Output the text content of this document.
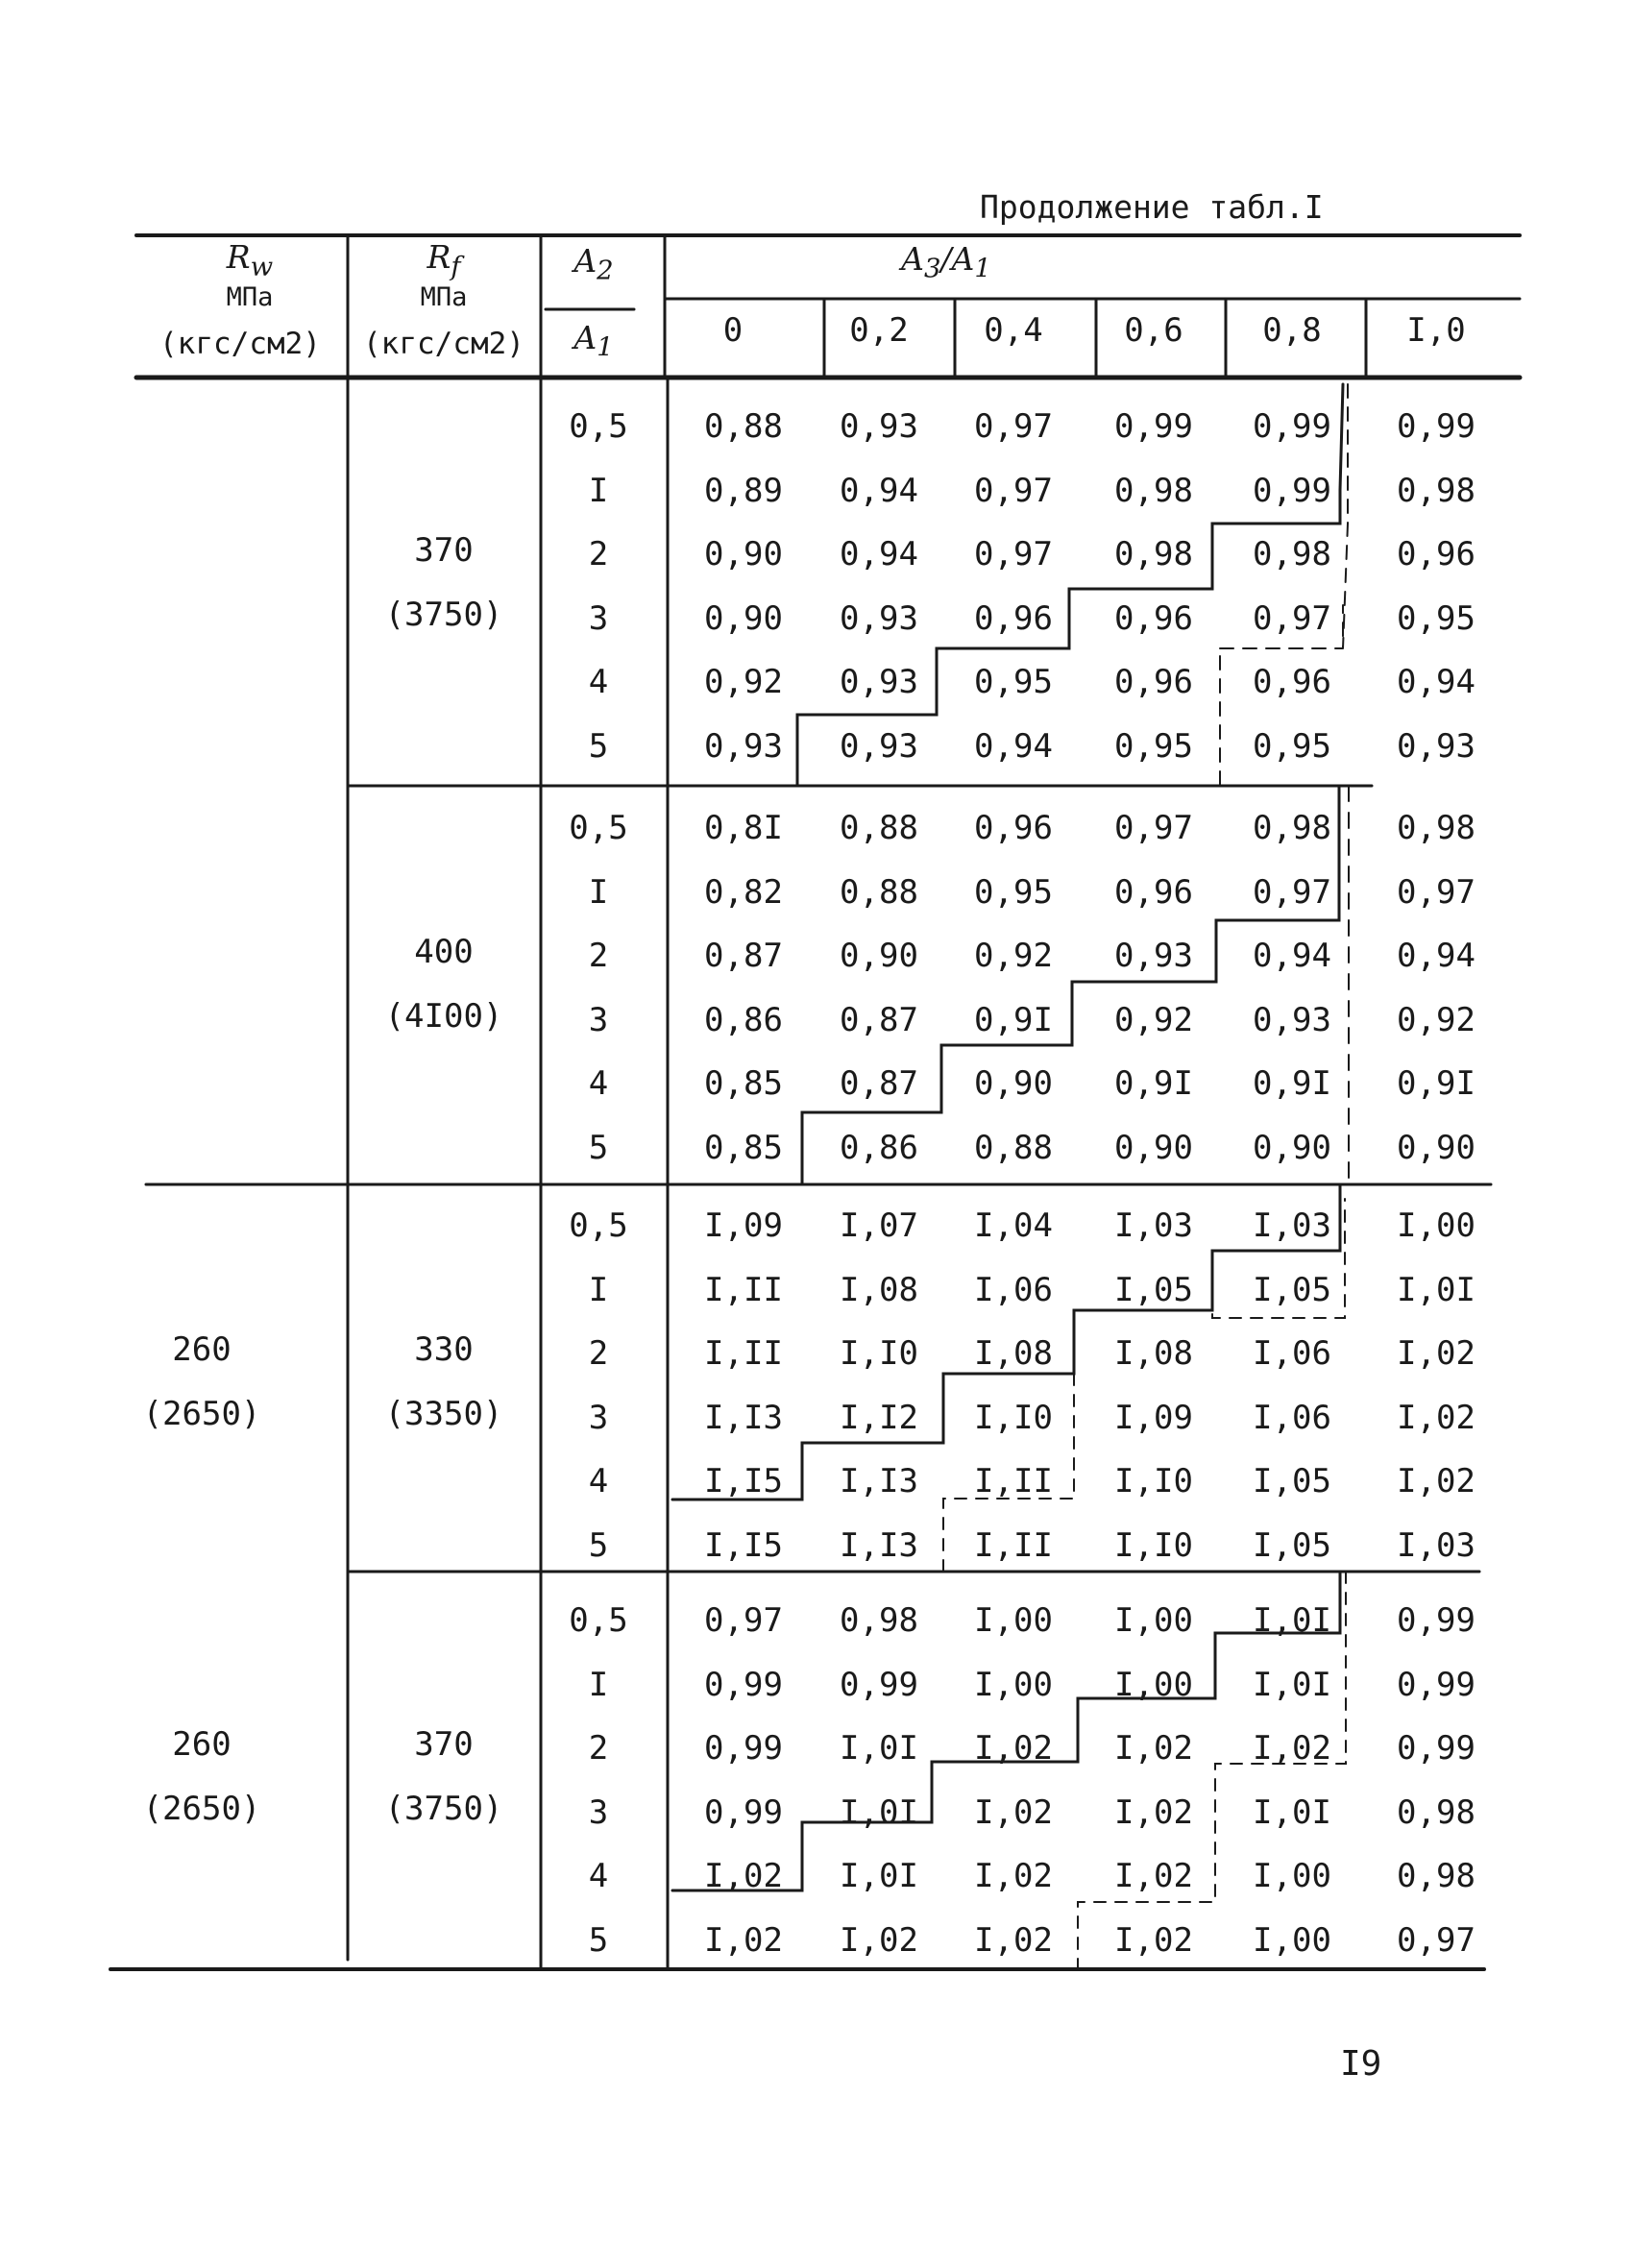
Продолжение табл.I
$R_w$
МПа
(кгс/см2)
$R_f$
МПа
(кгс/см2)
$A_2$
$A_1$
$A_3/A_1$
0	0,2	0,4	0,6	0,8	I,0
370
(3750)
0,5	0,88	0,93	0,97	0,99	0,99	0,99
I	0,89	0,94	0,97	0,98	0,99	0,98
2	0,90	0,94	0,97	0,98	0,98	0,96
3	0,90	0,93	0,96	0,96	0,97	0,95
4	0,92	0,93	0,95	0,96	0,96	0,94
5	0,93	0,93	0,94	0,95	0,95	0,93
400
(4I00)
0,5	0,8I	0,88	0,96	0,97	0,98	0,98
I	0,82	0,88	0,95	0,96	0,97	0,97
2	0,87	0,90	0,92	0,93	0,94	0,94
3	0,86	0,87	0,9I	0,92	0,93	0,92
4	0,85	0,87	0,90	0,9I	0,9I	0,9I
5	0,85	0,86	0,88	0,90	0,90	0,90
260
(2650)
330
(3350)
0,5	I,09	I,07	I,04	I,03	I,03	I,00
I	I,II	I,08	I,06	I,05	I,05	I,0I
2	I,II	I,I0	I,08	I,08	I,06	I,02
3	I,I3	I,I2	I,I0	I,09	I,06	I,02
4	I,I5	I,I3	I,II	I,I0	I,05	I,02
5	I,I5	I,I3	I,II	I,I0	I,05	I,03
260
(2650)
370
(3750)
0,5	0,97	0,98	I,00	I,00	I,0I	0,99
I	0,99	0,99	I,00	I,00	I,0I	0,99
2	0,99	I,0I	I,02	I,02	I,02	0,99
3	0,99	I,0I	I,02	I,02	I,0I	0,98
4	I,02	I,0I	I,02	I,02	I,00	0,98
5	I,02	I,02	I,02	I,02	I,00	0,97
I9
